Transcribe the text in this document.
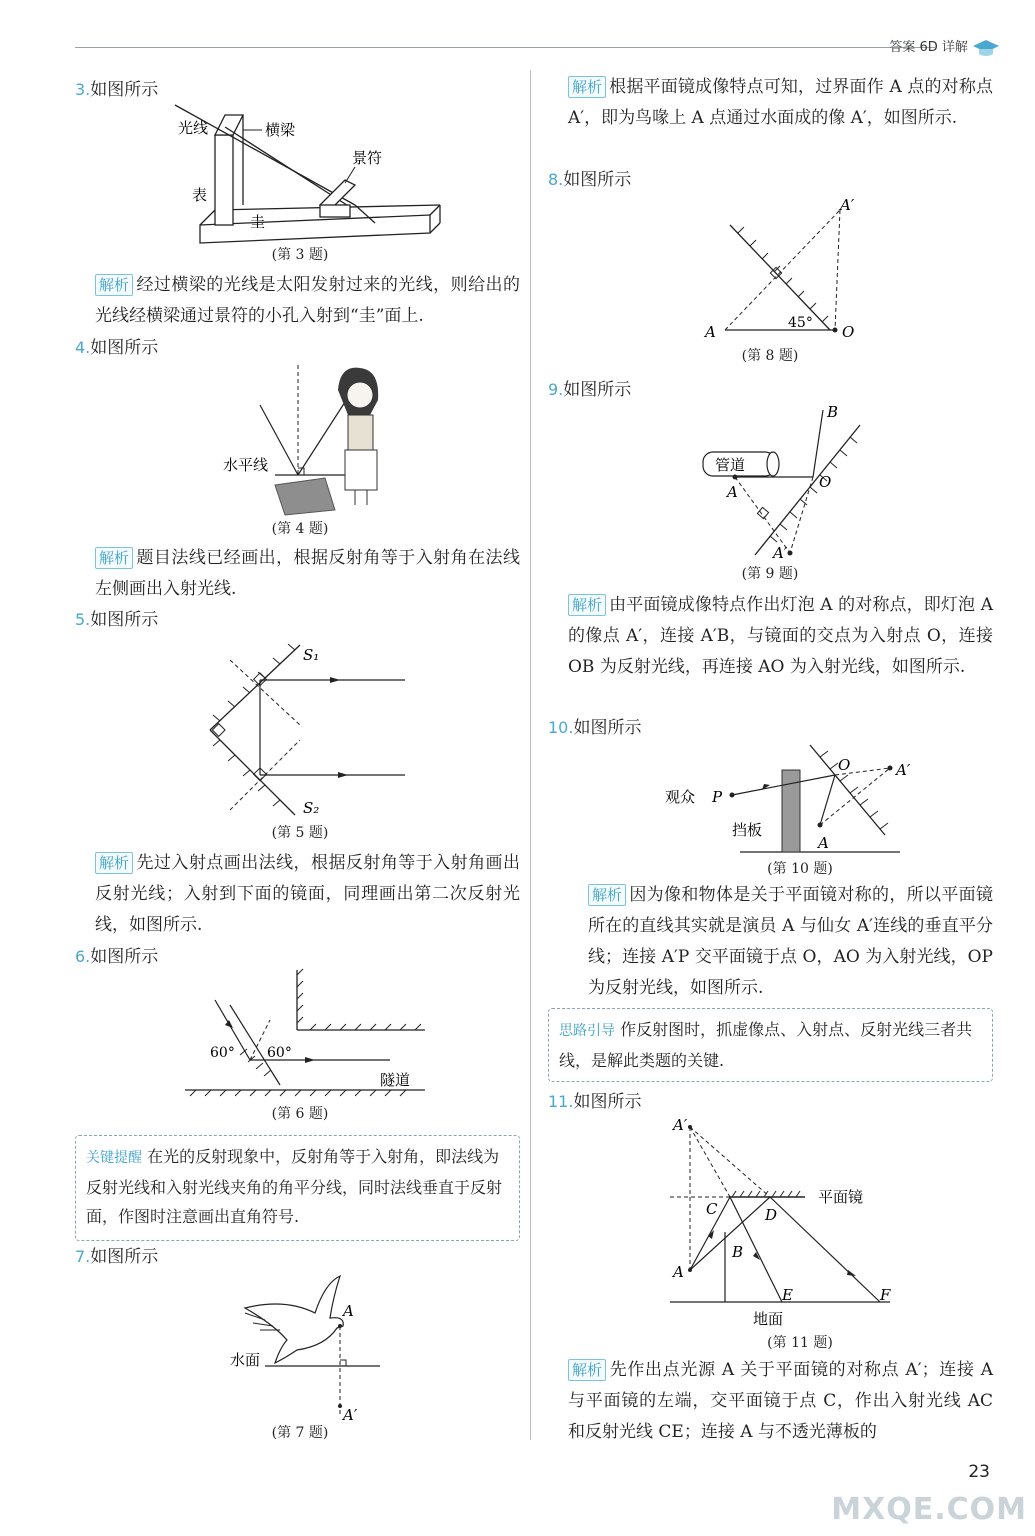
答案 6D 详解
3.如图所示
光线	横梁
景符
表
圭
(第 3 题)
解析 经过横梁的光线是太阳发射过来的光线，则给出的光线经横梁通过景符的小孔入射到“圭”面上.
4.如图所示
水平线
(第 4 题)
解析 题目法线已经画出，根据反射角等于入射角在法线左侧画出入射光线.
5.如图所示
S₁
S₂
(第 5 题)
解析 先过入射点画出法线，根据反射角等于入射角画出反射光线；入射到下面的镜面，同理画出第二次反射光线，如图所示.
6.如图所示
60° 60°
隧道
(第 6 题)
关键提醒 在光的反射现象中，反射角等于入射角，即法线为反射光线和入射光线夹角的角平分线，同时法线垂直于反射面，作图时注意画出直角符号.
7.如图所示
A
A′
水面
(第 7 题)
解析 根据平面镜成像特点可知，过界面作 A 点的对称点 A′，即为鸟喙上 A 点通过水面成的像 A′，如图所示.
8.如图所示
A
A′
O
45°
(第 8 题)
9.如图所示
管道
A
B
O
A′
(第 9 题)
解析 由平面镜成像特点作出灯泡 A 的对称点，即灯泡 A 的像点 A′，连接 A′B，与镜面的交点为入射点 O，连接 OB 为反射光线，再连接 AO 为入射光线，如图所示.
10.如图所示
观众 P
挡板
O
A
A′
(第 10 题)
解析 因为像和物体是关于平面镜对称的，所以平面镜所在的直线其实就是演员 A 与仙女 A′连线的垂直平分线；连接 A′P 交平面镜于点 O，AO 为入射光线，OP 为反射光线，如图所示.
思路引导 作反射图时，抓虚像点、入射点、反射光线三者共线，是解此类题的关键.
11.如图所示
A′
平面镜
C	D
B
A
E	F
地面
(第 11 题)
解析 先作出点光源 A 关于平面镜的对称点 A′；连接 A 与平面镜的左端，交平面镜于点 C，作出入射光线 AC 和反射光线 CE；连接 A 与不透光薄板的
23
MXQE.COM
